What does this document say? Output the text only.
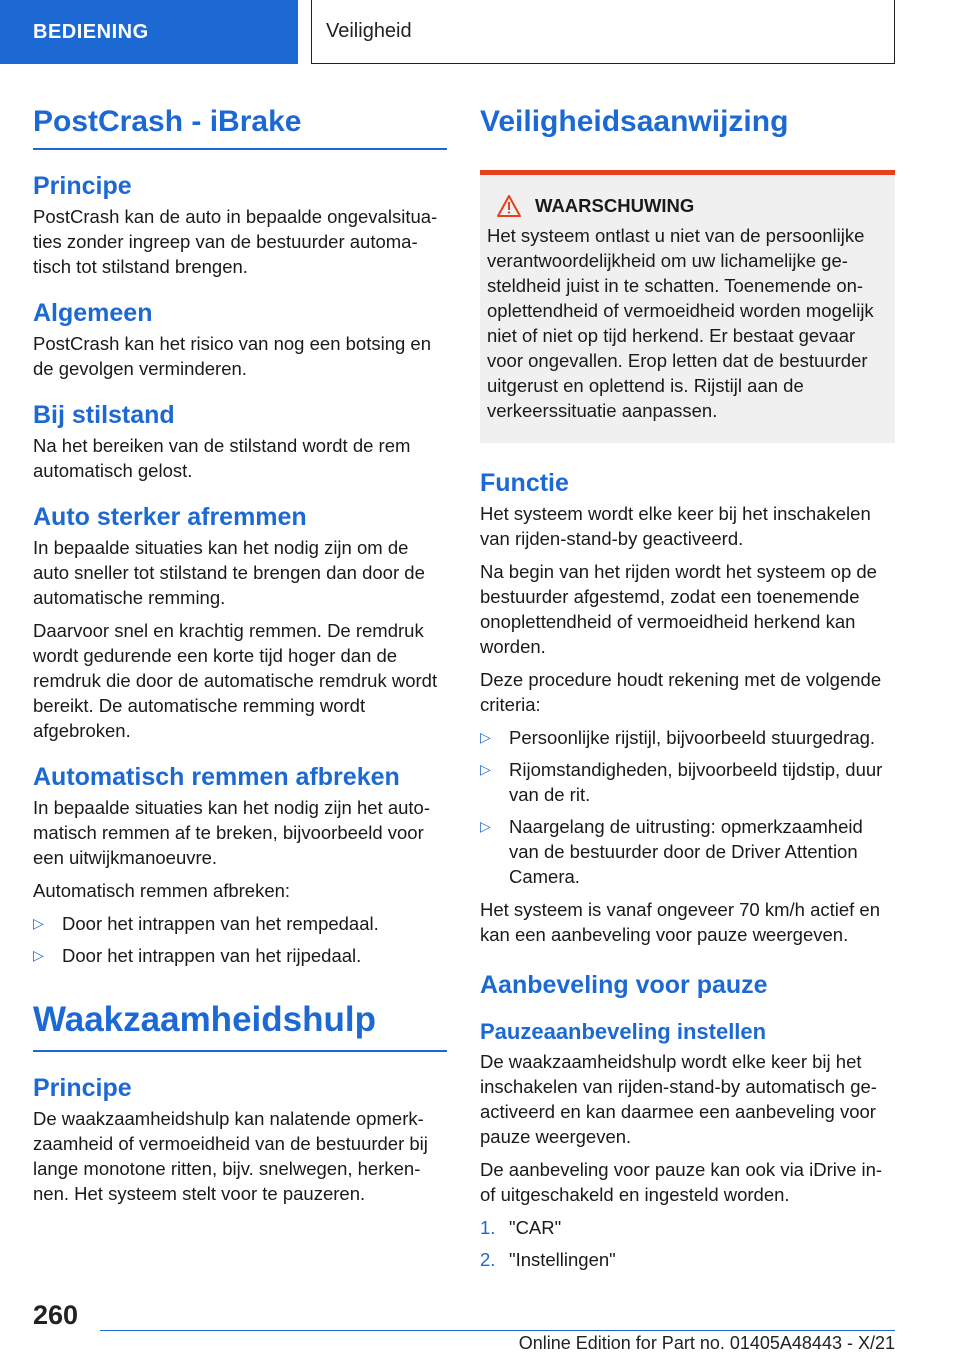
BEDIENING	Veiligheid
PostCrash - iBrake
Principe

PostCrash kan de auto in bepaalde ongevalsituaties zonder ingreep van de bestuurder automatisch tot stilstand brengen.

Algemeen

PostCrash kan het risico van nog een botsing en de gevolgen verminderen.

Bij stilstand

Na het bereiken van de stilstand wordt de rem automatisch gelost.

Auto sterker afremmen

In bepaalde situaties kan het nodig zijn om de auto sneller tot stilstand te brengen dan door de automatische remming.

Daarvoor snel en krachtig remmen. De remdruk wordt gedurende een korte tijd hoger dan de remdruk die door de automatische remdruk wordt bereikt. De automatische remming wordt afgebroken.

Automatisch remmen afbreken

In bepaalde situaties kan het nodig zijn het automatisch remmen af te breken, bijvoorbeeld voor een uitwijkmanoeuvre.

Automatisch remmen afbreken:

▷ Door het intrappen van het rempedaal.
▷ Door het intrappen van het rijpedaal.
Waakzaamheidshulp
Principe

De waakzaamheidshulp kan nalatende opmerkzaamheid of vermoeidheid van de bestuurder bij lange monotone ritten, bijv. snelwegen, herkennen. Het systeem stelt voor te pauzeren.

Veiligheidsaanwijzing
WAARSCHUWING

Het systeem ontlast u niet van de persoonlijke verantwoordelijkheid om uw lichamelijke gesteldheid juist in te schatten. Toenemende onoplettendheid of vermoeidheid worden mogelijk niet of niet op tijd herkend. Er bestaat gevaar voor ongevallen. Erop letten dat de bestuurder uitgerust en oplettend is. Rijstijl aan de verkeerssituatie aanpassen.

Functie

Het systeem wordt elke keer bij het inschakelen van rijden-stand-by geactiveerd.

Na begin van het rijden wordt het systeem op de bestuurder afgestemd, zodat een toenemende onoplettendheid of vermoeidheid herkend kan worden.

Deze procedure houdt rekening met de volgende criteria:

▷ Persoonlijke rijstijl, bijvoorbeeld stuurgedrag.
▷ Rijomstandigheden, bijvoorbeeld tijdstip, duur van de rit.
▷ Naargelang de uitrusting: opmerkzaamheid van de bestuurder door de Driver Attention Camera.

Het systeem is vanaf ongeveer 70 km/h actief en kan een aanbeveling voor pauze weergeven.

Aanbeveling voor pauze
Pauzeaanbeveling instellen

De waakzaamheidshulp wordt elke keer bij het inschakelen van rijden-stand-by automatisch geactiveerd en kan daarmee een aanbeveling voor pauze weergeven.

De aanbeveling voor pauze kan ook via iDrive in- of uitgeschakeld en ingesteld worden.

1. "CAR"
2. "Instellingen"
260
Online Edition for Part no. 01405A48443 - X/21
